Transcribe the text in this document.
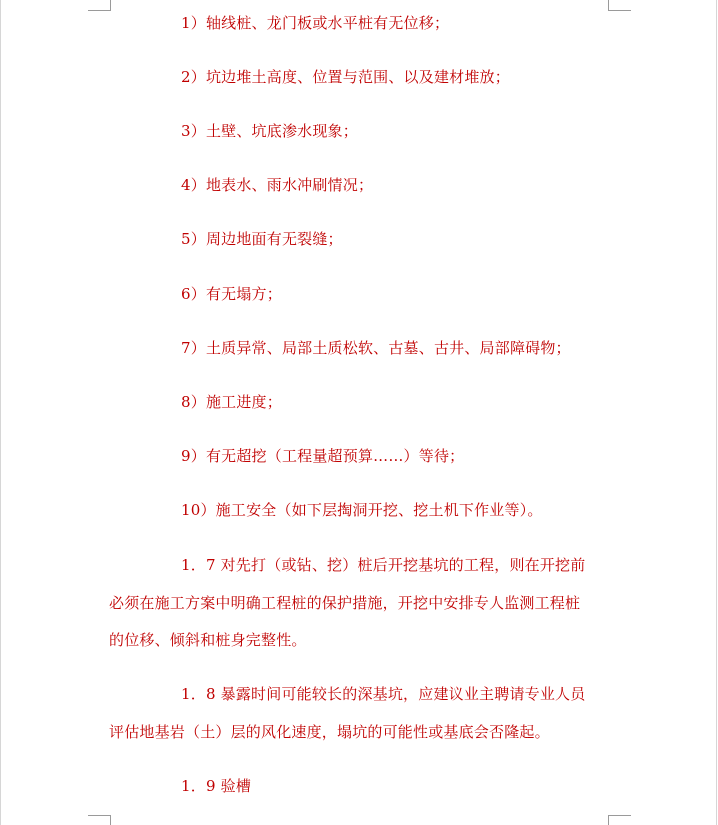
1）轴线桩、龙门板或水平桩有无位移；
2）坑边堆土高度、位置与范围、以及建材堆放；
3）土壁、坑底渗水现象；
4）地表水、雨水冲刷情况；
5）周边地面有无裂缝；
6）有无塌方；
7）土质异常、局部土质松软、古墓、古井、局部障碍物；
8）施工进度；
9）有无超挖（工程量超预算……）等待；
10）施工安全（如下层掏洞开挖、挖土机下作业等）。
1．7 对先打（或钻、挖）桩后开挖基坑的工程，则在开挖前
必须在施工方案中明确工程桩的保护措施，开挖中安排专人监测工程桩
的位移、倾斜和桩身完整性。
1．8 暴露时间可能较长的深基坑，应建议业主聘请专业人员
评估地基岩（土）层的风化速度，塌坑的可能性或基底会否隆起。
1．9 验槽
